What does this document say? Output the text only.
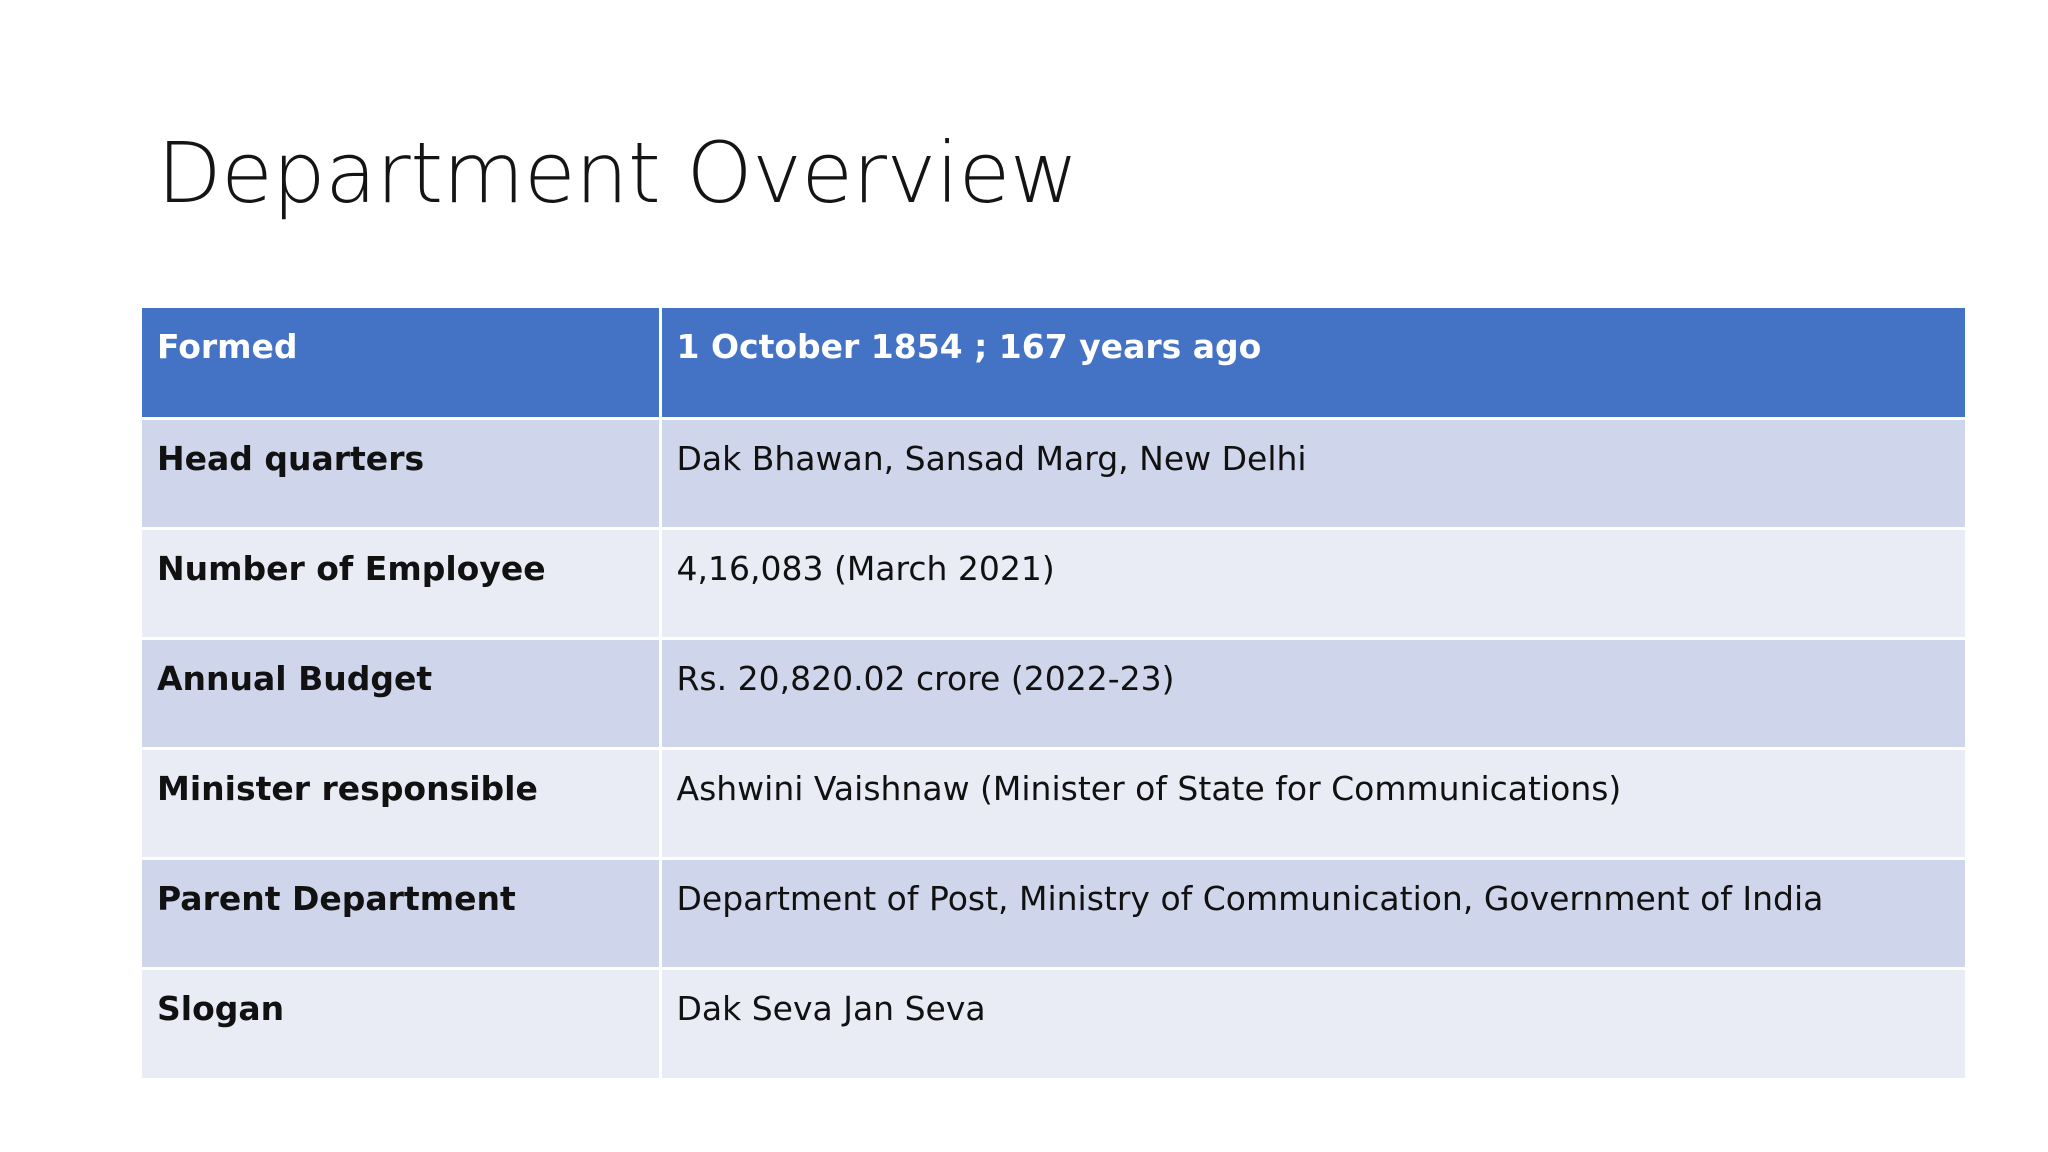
Department Overview
Formed	1 October 1854 ; 167 years ago
Head quarters	Dak Bhawan, Sansad Marg, New Delhi
Number of Employee	4,16,083 (March 2021)
Annual Budget	Rs. 20,820.02 crore (2022-23)
Minister responsible	Ashwini Vaishnaw (Minister of State for Communications)
Parent Department	Department of Post, Ministry of Communication, Government of India
Slogan	Dak Seva Jan Seva
